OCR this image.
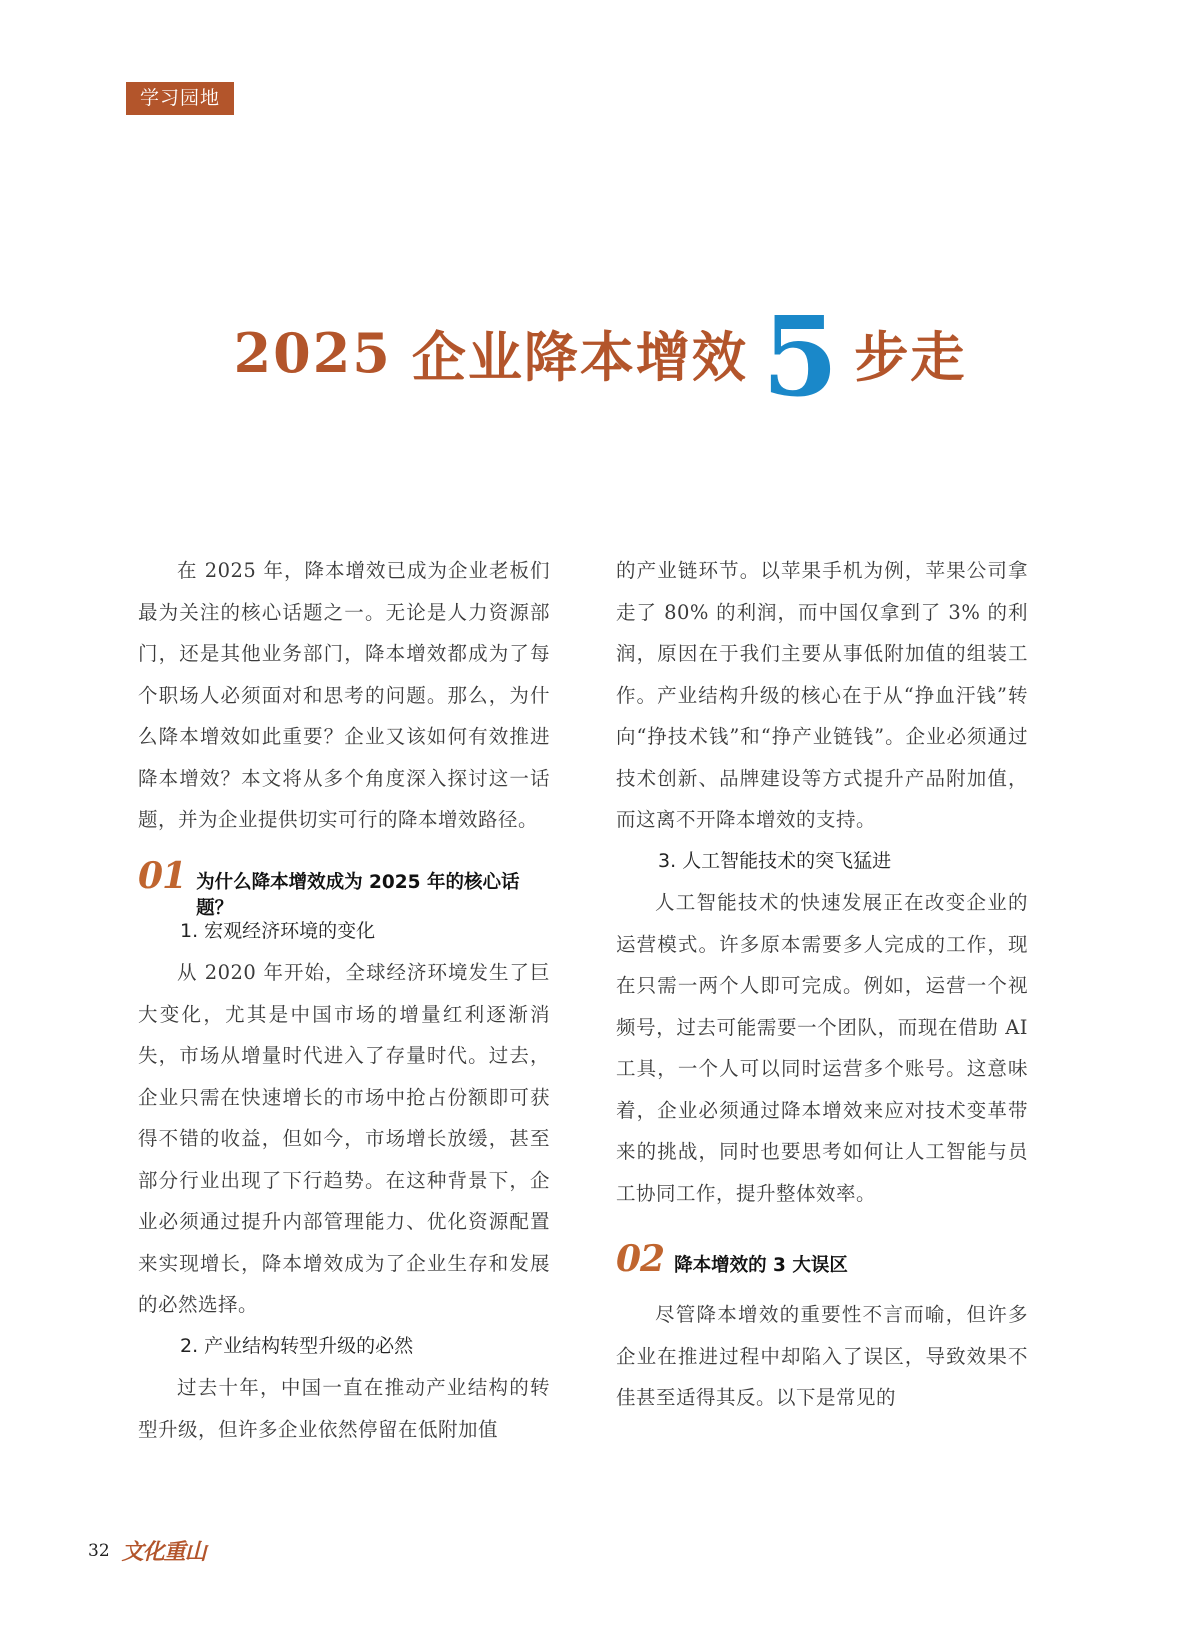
学习园地
2025 企业降本增效 5 步走

在 2025 年，降本增效已成为企业老板们最为关注的核心话题之一。无论是人力资源部门，还是其他业务部门，降本增效都成为了每个职场人必须面对和思考的问题。那么，为什么降本增效如此重要？企业又该如何有效推进降本增效？本文将从多个角度深入探讨这一话题，并为企业提供切实可行的降本增效路径。

01 为什么降本增效成为 2025 年的核心话题？

1. 宏观经济环境的变化

从 2020 年开始，全球经济环境发生了巨大变化，尤其是中国市场的增量红利逐渐消失，市场从增量时代进入了存量时代。过去，企业只需在快速增长的市场中抢占份额即可获得不错的收益，但如今，市场增长放缓，甚至部分行业出现了下行趋势。在这种背景下，企业必须通过提升内部管理能力、优化资源配置来实现增长，降本增效成为了企业生存和发展的必然选择。

2. 产业结构转型升级的必然

过去十年，中国一直在推动产业结构的转型升级，但许多企业依然停留在低附加值

的产业链环节。以苹果手机为例，苹果公司拿走了 80% 的利润，而中国仅拿到了 3% 的利润，原因在于我们主要从事低附加值的组装工作。产业结构升级的核心在于从“挣血汗钱”转向“挣技术钱”和“挣产业链钱”。企业必须通过技术创新、品牌建设等方式提升产品附加值，而这离不开降本增效的支持。

3. 人工智能技术的突飞猛进

人工智能技术的快速发展正在改变企业的运营模式。许多原本需要多人完成的工作，现在只需一两个人即可完成。例如，运营一个视频号，过去可能需要一个团队，而现在借助 AI 工具，一个人可以同时运营多个账号。这意味着，企业必须通过降本增效来应对技术变革带来的挑战，同时也要思考如何让人工智能与员工协同工作，提升整体效率。

02 降本增效的 3 大误区

尽管降本增效的重要性不言而喻，但许多企业在推进过程中却陷入了误区，导致效果不佳甚至适得其反。以下是常见的

32 文化重山
